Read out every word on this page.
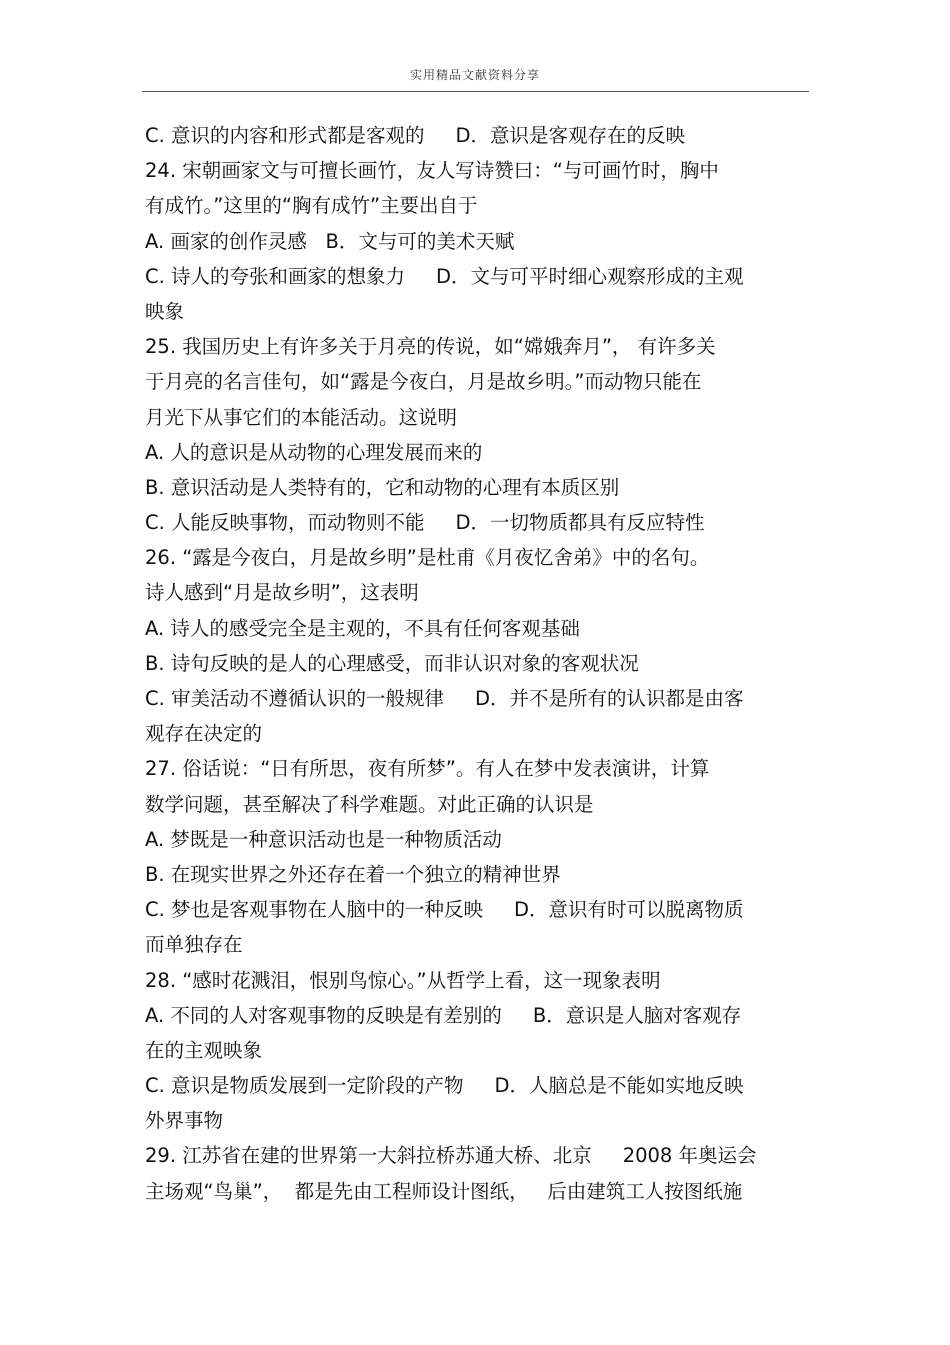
实用精品文献资料分享
C. 意识的内容和形式都是客观的     D．意识是客观存在的反映
24. 宋朝画家文与可擅长画竹，友人写诗赞曰：“与可画竹时，胸中
有成竹。”这里的“胸有成竹”主要出自于
A. 画家的创作灵感   B．文与可的美术天赋
C. 诗人的夸张和画家的想象力     D．文与可平时细心观察形成的主观
映象
25. 我国历史上有许多关于月亮的传说，如“嫦娥奔月”， 有许多关
于月亮的名言佳句，如“露是今夜白，月是故乡明。”而动物只能在
月光下从事它们的本能活动。这说明
A. 人的意识是从动物的心理发展而来的
B. 意识活动是人类特有的，它和动物的心理有本质区别
C. 人能反映事物，而动物则不能     D．一切物质都具有反应特性
26. “露是今夜白，月是故乡明”是杜甫《月夜忆舍弟》中的名句。
诗人感到“月是故乡明”，这表明
A. 诗人的感受完全是主观的，不具有任何客观基础
B. 诗句反映的是人的心理感受，而非认识对象的客观状况
C. 审美活动不遵循认识的一般规律     D．并不是所有的认识都是由客
观存在决定的
27. 俗话说：“日有所思，夜有所梦”。有人在梦中发表演讲，计算
数学问题，甚至解决了科学难题。对此正确的认识是
A. 梦既是一种意识活动也是一种物质活动
B. 在现实世界之外还存在着一个独立的精神世界
C. 梦也是客观事物在人脑中的一种反映     D．意识有时可以脱离物质
而单独存在
28. “感时花溅泪，恨别鸟惊心。”从哲学上看，这一现象表明
A. 不同的人对客观事物的反映是有差别的     B．意识是人脑对客观存
在的主观映象
C. 意识是物质发展到一定阶段的产物     D．人脑总是不能如实地反映
外界事物
29. 江苏省在建的世界第一大斜拉桥苏通大桥、北京     2008 年奥运会
主场观“鸟巢”，  都是先由工程师设计图纸，   后由建筑工人按图纸施
